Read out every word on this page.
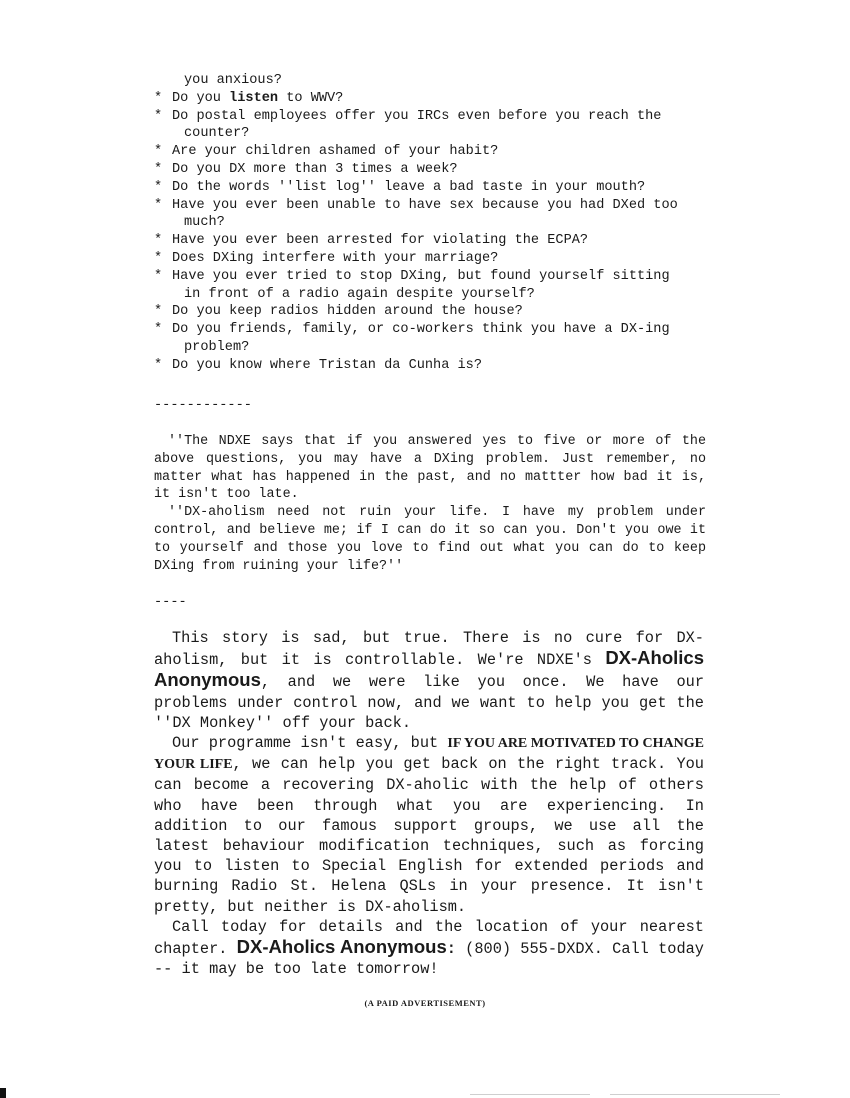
you anxious?
* Do you listen to WWV?
* Do postal employees offer you IRCs even before you reach the
counter?
* Are your children ashamed of your habit?
* Do you DX more than 3 times a week?
* Do the words ''list log'' leave a bad taste in your mouth?
* Have you ever been unable to have sex because you had DXed too
much?
* Have you ever been arrested for violating the ECPA?
* Does DXing interfere with your marriage?
* Have you ever tried to stop DXing, but found yourself sitting
in front of a radio again despite yourself?
* Do you keep radios hidden around the house?
* Do you friends, family, or co-workers think you have a DX-ing
problem?
* Do you know where Tristan da Cunha is?
------------

''The NDXE says that if you answered yes to five or more of the above questions, you may have a DXing problem. Just remember, no matter what has happened in the past, and no mattter how bad it is, it isn't too late.

''DX-aholism need not ruin your life. I have my problem under control, and believe me; if I can do it so can you. Don't you owe it to yourself and those you love to find out what you can do to keep DXing from ruining your life?''

----

This story is sad, but true. There is no cure for DX-aholism, but it is controllable. We're NDXE's DX-Aholics Anonymous, and we were like you once. We have our problems under control now, and we want to help you get the ''DX Monkey'' off your back.

Our programme isn't easy, but IF YOU ARE MOTIVATED TO CHANGE YOUR LIFE, we can help you get back on the right track. You can become a recovering DX-aholic with the help of others who have been through what you are experiencing. In addition to our famous support groups, we use all the latest behaviour modification techniques, such as forcing you to listen to Special English for extended periods and burning Radio St. Helena QSLs in your presence. It isn't pretty, but neither is DX-aholism.

Call today for details and the location of your nearest chapter. DX-Aholics Anonymous: (800) 555-DXDX. Call today -- it may be too late tomorrow!

(A PAID ADVERTISEMENT)
